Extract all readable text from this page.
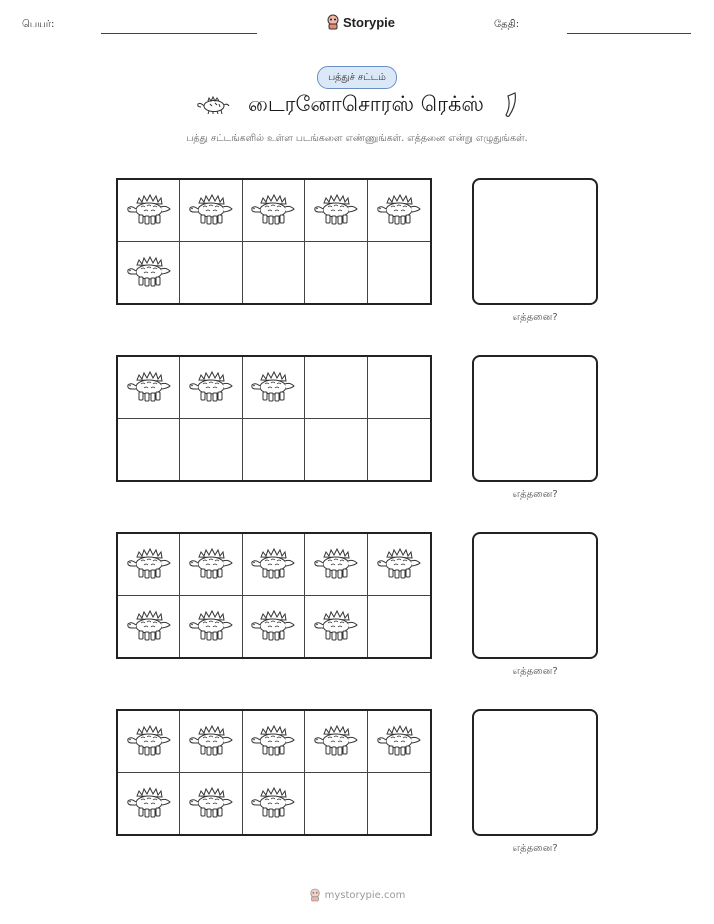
பெயர்:	Storypie	தேதி:
பத்துச் சட்டம்
டைரனோசொரஸ் ரெக்ஸ்
பத்து சட்டங்களில் உள்ள படங்களை எண்ணுங்கள். எத்தனை என்று எழுதுங்கள்.
எத்தனை?
எத்தனை?
எத்தனை?
எத்தனை?
mystorypie.com
